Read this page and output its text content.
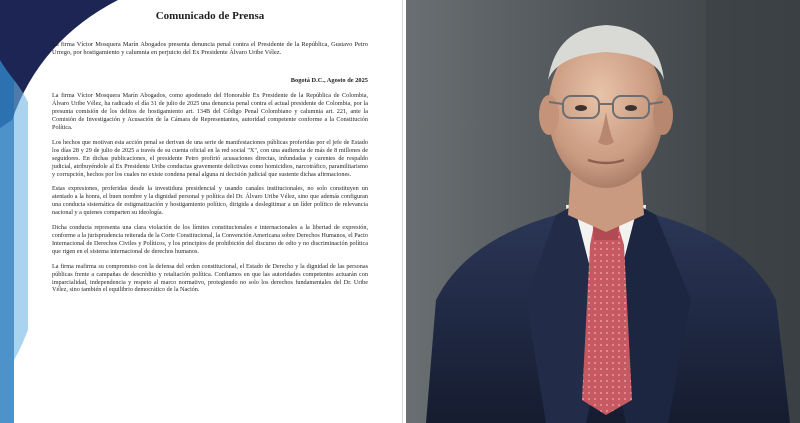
Comunicado de Prensa

La firma Víctor Mosquera Marín Abogados presenta denuncia penal contra el Presidente de la República, Gustavo Petro Urrego, por hostigamiento y calumnia en perjuicio del Ex Presidente Álvaro Uribe Vélez.

Bogotá D.C., Agosto de 2025

La firma Víctor Mosquera Marín Abogados, como apoderado del Honorable Ex Presidente de la República de Colombia, Álvaro Uribe Vélez, ha radicado el día 31 de julio de 2025 una denuncia penal contra el actual presidente de Colombia, por la presunta comisión de los delitos de hostigamiento art. 134B del Código Penal Colombiano y calumnia art. 221, ante la Comisión de Investigación y Acusación de la Cámara de Representantes, autoridad competente conforme a la Constitución Política.

Los hechos que motivan esta acción penal se derivan de una serie de manifestaciones públicas proferidas por el jefe de Estado los días 28 y 29 de julio de 2025 a través de su cuenta oficial en la red social "X", con una audiencia de más de 8 millones de seguidores. En dichas publicaciones, el presidente Petro profirió acusaciones directas, infundadas y carentes de respaldo judicial, atribuyéndole al Ex Presidente Uribe conductas gravemente delictivas como homicidios, narcotráfico, paramilitarismo y corrupción, hechos por los cuales no existe condena penal alguna ni decisión judicial que sustente dichas afirmaciones.

Estas expresiones, proferidas desde la investidura presidencial y usando canales institucionales, no solo constituyen un atentado a la honra, el buen nombre y la dignidad personal y política del Dr. Álvaro Uribe Vélez, sino que además configuran una conducta sistemática de estigmatización y hostigamiento político, dirigida a deslegitimar a un líder político de relevancia nacional y a quienes comparten su ideología.

Dicha conducta representa una clara violación de los límites constitucionales e internacionales a la libertad de expresión, conforme a la jurisprudencia reiterada de la Corte Constitucional, la Convención Americana sobre Derechos Humanos, el Pacto Internacional de Derechos Civiles y Políticos, y los principios de prohibición del discurso de odio y no discriminación política que rigen en el sistema internacional de derechos humanos.

La firma reafirma su compromiso con la defensa del orden constitucional, el Estado de Derecho y la dignidad de las personas públicas frente a campañas de descrédito y retaliación política. Confiamos en que las autoridades competentes actuarán con imparcialidad, independencia y respeto al marco normativo, protegiendo no solo los derechos fundamentales del Dr. Uribe Vélez, sino también el equilibrio democrático de la Nación.
